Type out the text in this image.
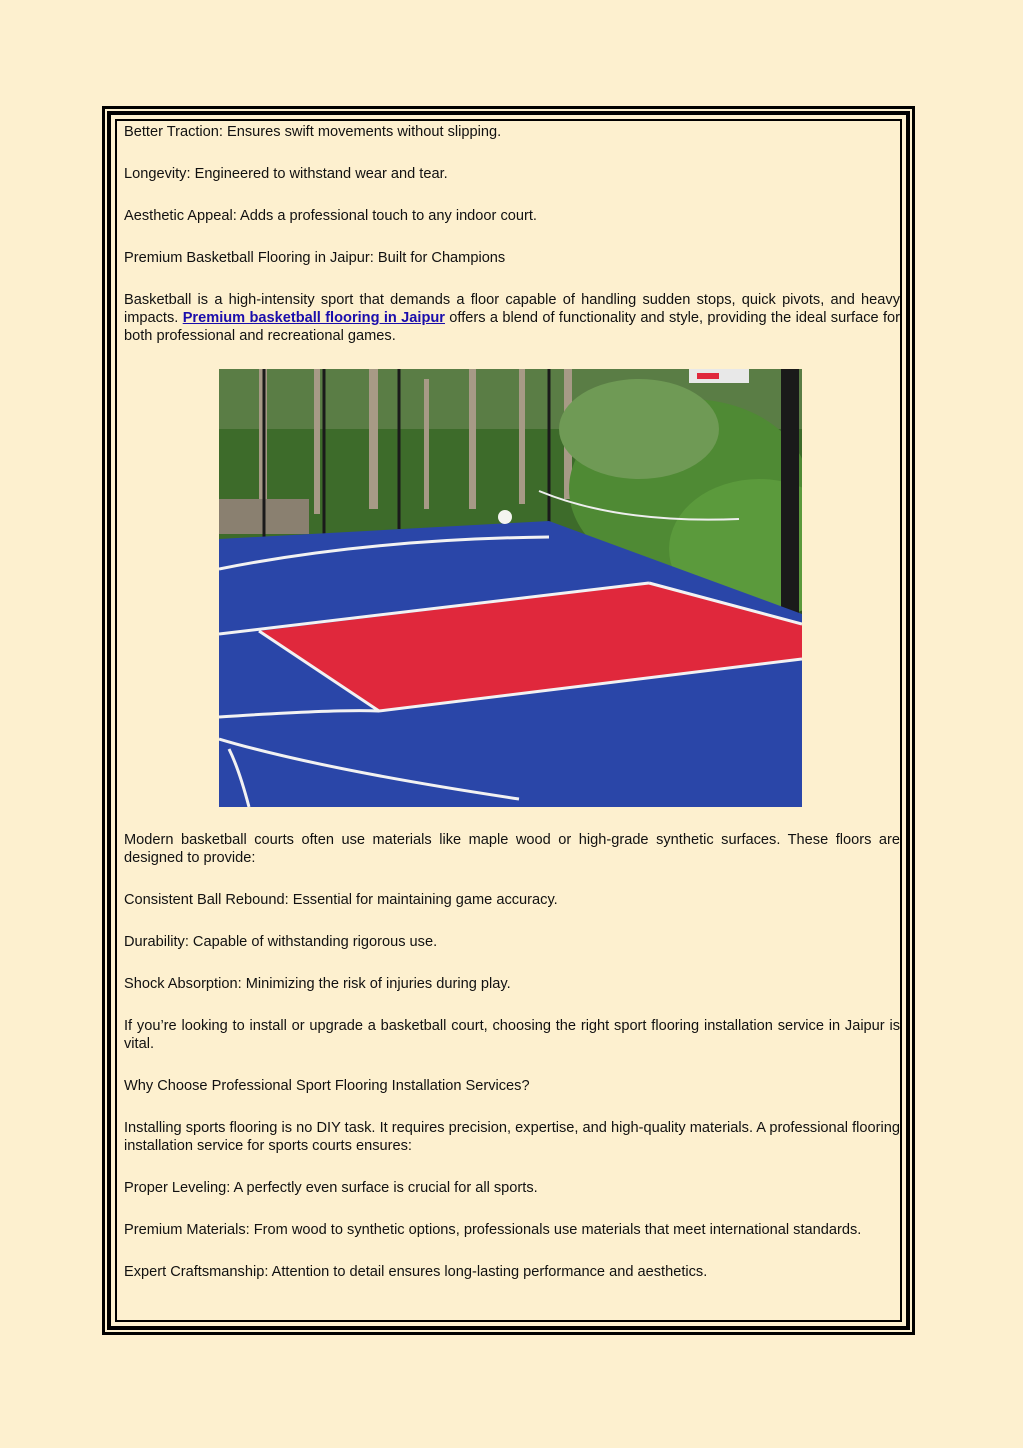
Better Traction: Ensures swift movements without slipping.

Longevity: Engineered to withstand wear and tear.

Aesthetic Appeal: Adds a professional touch to any indoor court.

Premium Basketball Flooring in Jaipur: Built for Champions

Basketball is a high-intensity sport that demands a floor capable of handling sudden stops, quick pivots, and heavy impacts. Premium basketball flooring in Jaipur offers a blend of functionality and style, providing the ideal surface for both professional and recreational games.

Modern basketball courts often use materials like maple wood or high-grade synthetic surfaces. These floors are designed to provide:

Consistent Ball Rebound: Essential for maintaining game accuracy.

Durability: Capable of withstanding rigorous use.

Shock Absorption: Minimizing the risk of injuries during play.

If you’re looking to install or upgrade a basketball court, choosing the right sport flooring installation service in Jaipur is vital.

Why Choose Professional Sport Flooring Installation Services?

Installing sports flooring is no DIY task. It requires precision, expertise, and high-quality materials. A professional flooring installation service for sports courts ensures:

Proper Leveling: A perfectly even surface is crucial for all sports.

Premium Materials: From wood to synthetic options, professionals use materials that meet international standards.

Expert Craftsmanship: Attention to detail ensures long-lasting performance and aesthetics.
